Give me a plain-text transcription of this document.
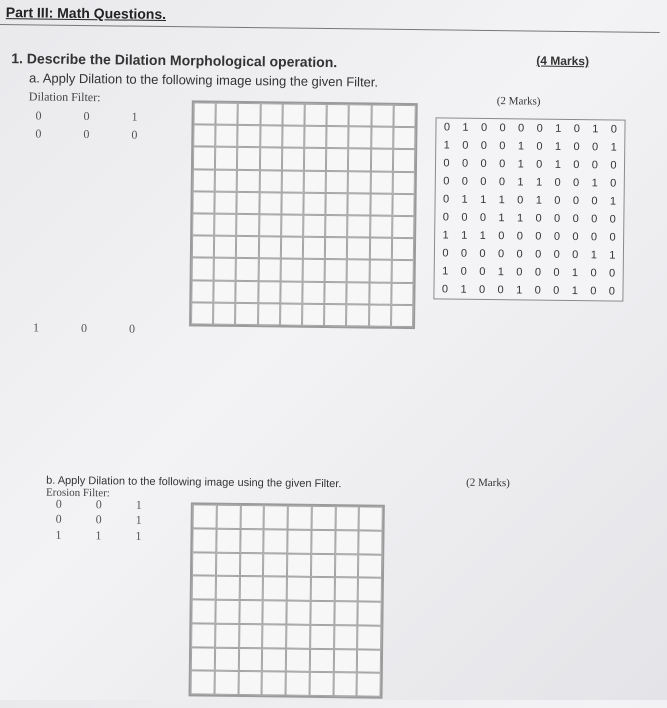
Part III: Math Questions.
(4 Marks)
1. Describe the Dilation Morphological operation.
a. Apply Dilation to the following image using the given Filter.
Dilation Filter:
0	0	1
0	0	0
1	0	0
(2 Marks)
0	1	0	0	0	0	1	0	1	0
1	0	0	0	1	0	1	0	0	1
0	0	0	0	1	0	1	0	0	0
0	0	0	0	1	1	0	0	1	0
0	1	1	1	0	1	0	0	0	1
0	0	0	1	1	0	0	0	0	0
1	1	1	0	0	0	0	0	0	0
0	0	0	0	0	0	0	0	1	1
1	0	0	1	0	0	0	1	0	0
0	1	0	0	1	0	0	1	0	0
b. Apply Dilation to the following image using the given Filter.	(2 Marks)
Erosion Filter:
0	0	1
0	0	1
1	1	1
